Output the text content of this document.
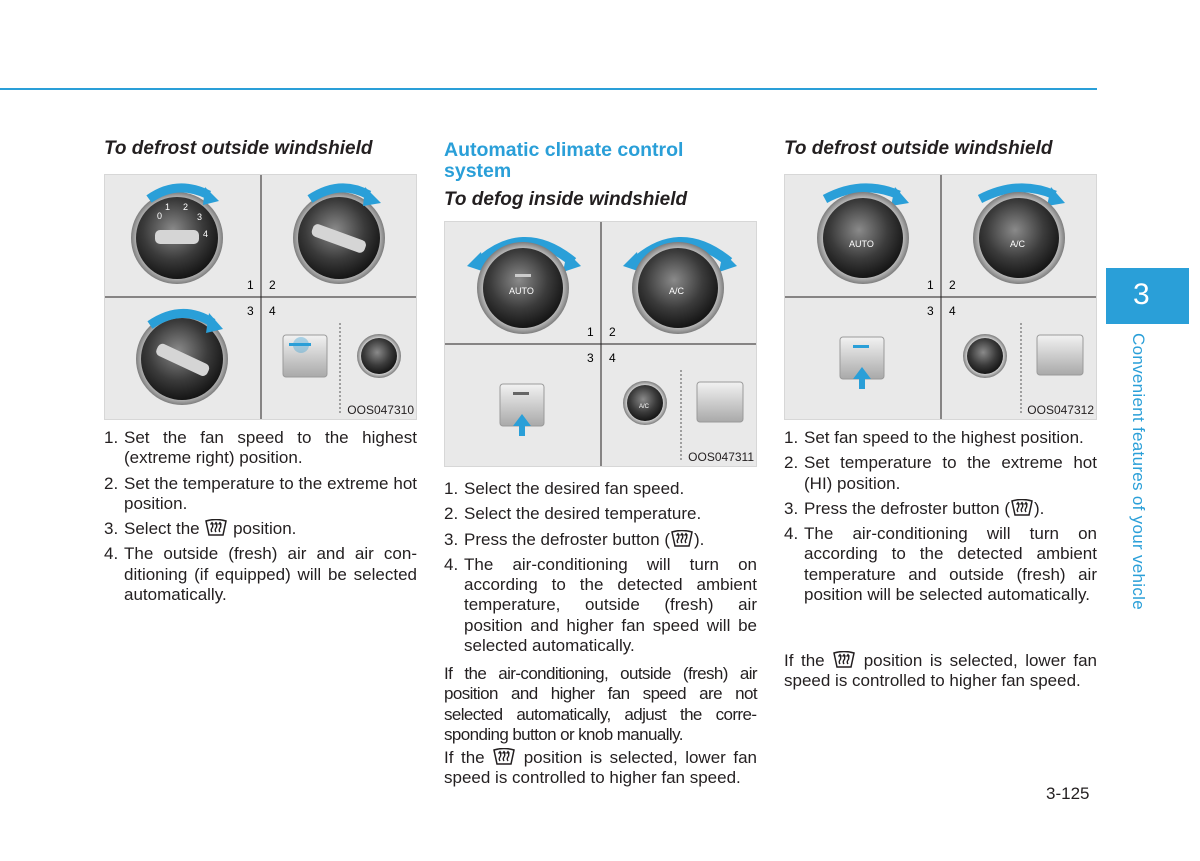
To defrost outside windshield
0
1 2
3
4
1 2
3 4
OOS047310
1. Set the fan speed to the highest (extreme right) position.
2. Set the temperature to the extreme hot position.
3. Select the position.
4. The outside (fresh) air and air conditioning (if equipped) will be selected automatically.
Automatic climate control system
To defog inside windshield
AUTO	A/C
A/C
1 2
3 4
OOS047311
1. Select the desired fan speed.
2. Select the desired temperature.
3. Press the defroster button ( ).
4. The air-conditioning will turn on according to the detected ambient temperature, outside (fresh) air position and higher fan speed will be selected automatically.

If the air-conditioning, outside (fresh) air position and higher fan speed are not selected automatically, adjust the corresponding button or knob manually.

If the position is selected, lower fan speed is controlled to higher fan speed.

To defrost outside windshield
AUTO	A/C
1 2
3 4
OOS047312
1. Set fan speed to the highest position.
2. Set temperature to the extreme hot (HI) position.
3. Press the defroster button ( ).
4. The air-conditioning will turn on according to the detected ambient temperature and outside (fresh) air position will be selected automatically.

If the position is selected, lower fan speed is controlled to higher fan speed.

3
Convenient features of your vehicle
3-125
